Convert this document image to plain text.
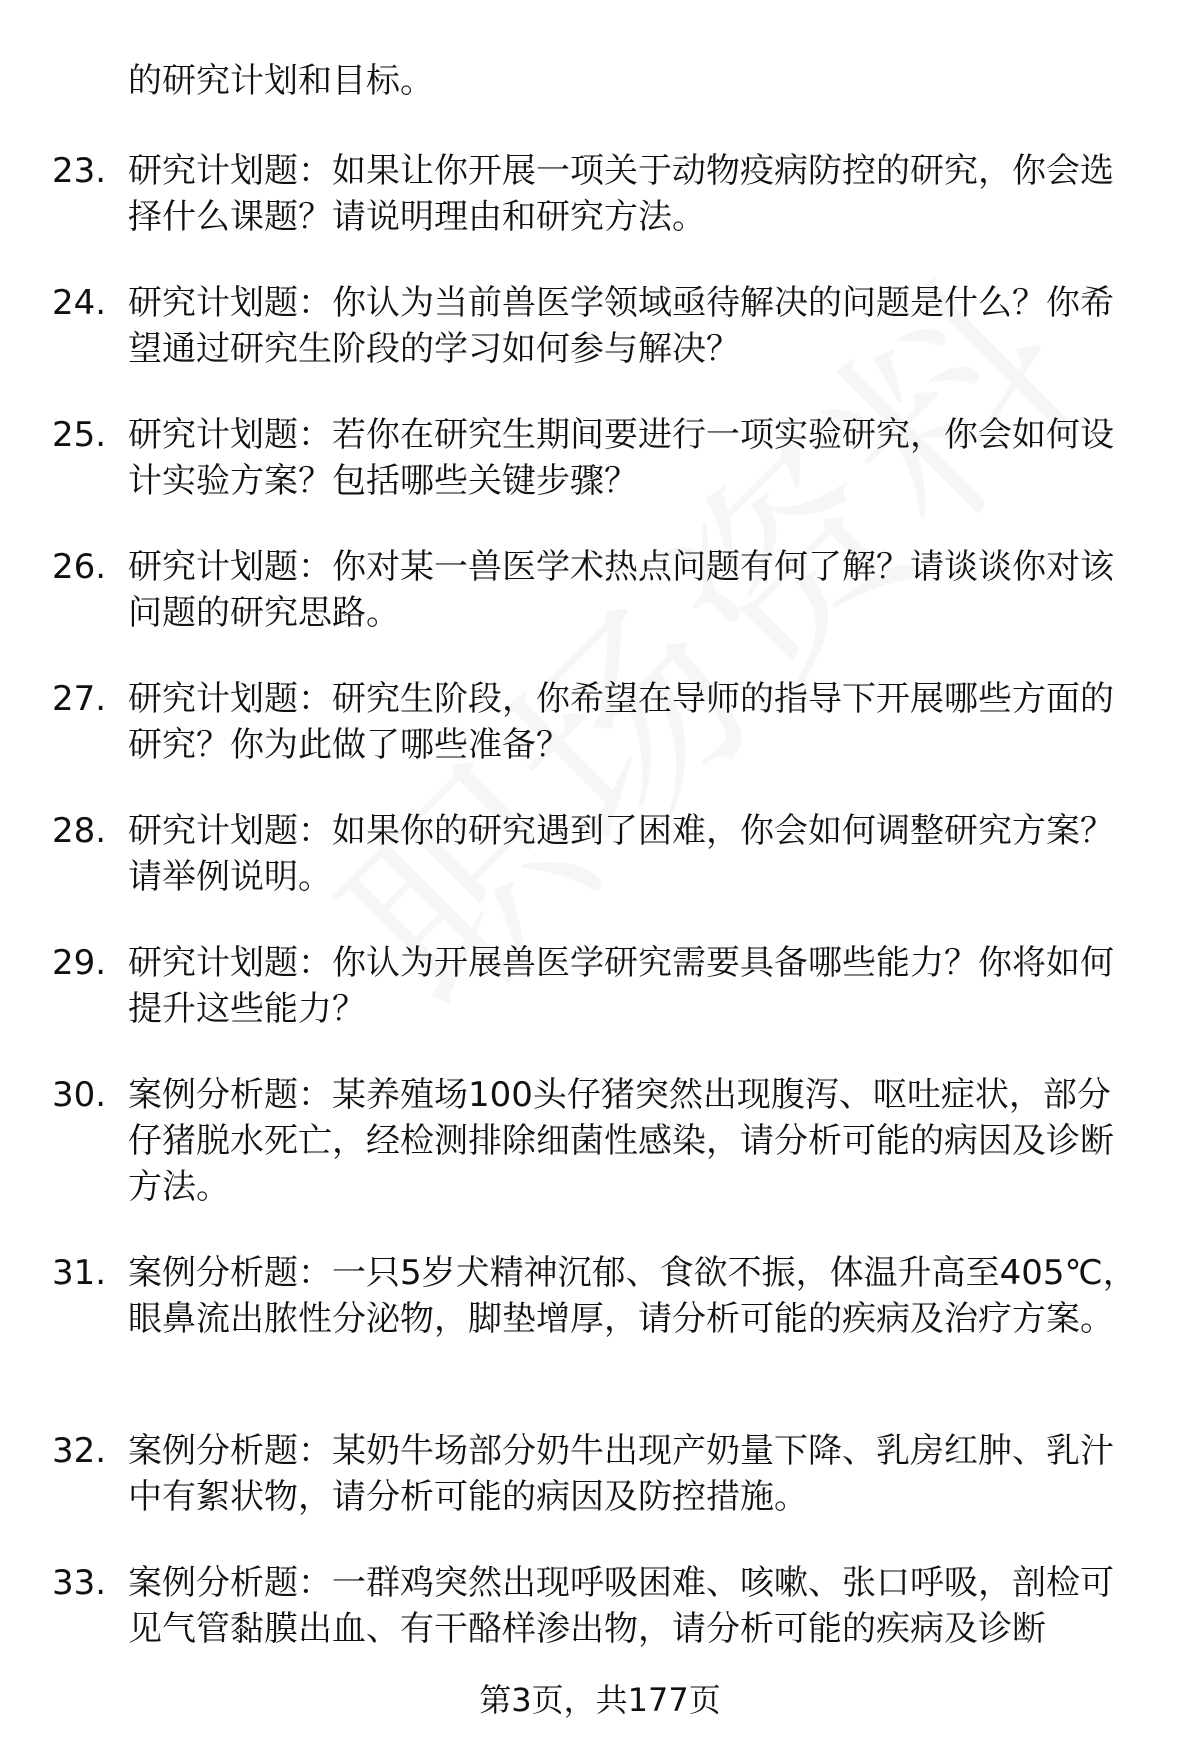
的研究计划和目标。
23. 研究计划题：如果让你开展一项关于动物疫病防控的研究，你会选择什么课题？请说明理由和研究方法。
24. 研究计划题：你认为当前兽医学领域亟待解决的问题是什么？你希望通过研究生阶段的学习如何参与解决？
25. 研究计划题：若你在研究生期间要进行一项实验研究，你会如何设计实验方案？包括哪些关键步骤？
26. 研究计划题：你对某一兽医学术热点问题有何了解？请谈谈你对该问题的研究思路。
27. 研究计划题：研究生阶段，你希望在导师的指导下开展哪些方面的研究？你为此做了哪些准备？
28. 研究计划题：如果你的研究遇到了困难，你会如何调整研究方案？请举例说明。
29. 研究计划题：你认为开展兽医学研究需要具备哪些能力？你将如何提升这些能力？
30. 案例分析题：某养殖场100头仔猪突然出现腹泻、呕吐症状，部分仔猪脱水死亡，经检测排除细菌性感染，请分析可能的病因及诊断方法。
31. 案例分析题：一只5岁犬精神沉郁、食欲不振，体温升高至405℃，眼鼻流出脓性分泌物，脚垫增厚，请分析可能的疾病及治疗方案。
32. 案例分析题：某奶牛场部分奶牛出现产奶量下降、乳房红肿、乳汁中有絮状物，请分析可能的病因及防控措施。
33. 案例分析题：一群鸡突然出现呼吸困难、咳嗽、张口呼吸，剖检可见气管黏膜出血、有干酪样渗出物，请分析可能的疾病及诊断
第3页，共177页
